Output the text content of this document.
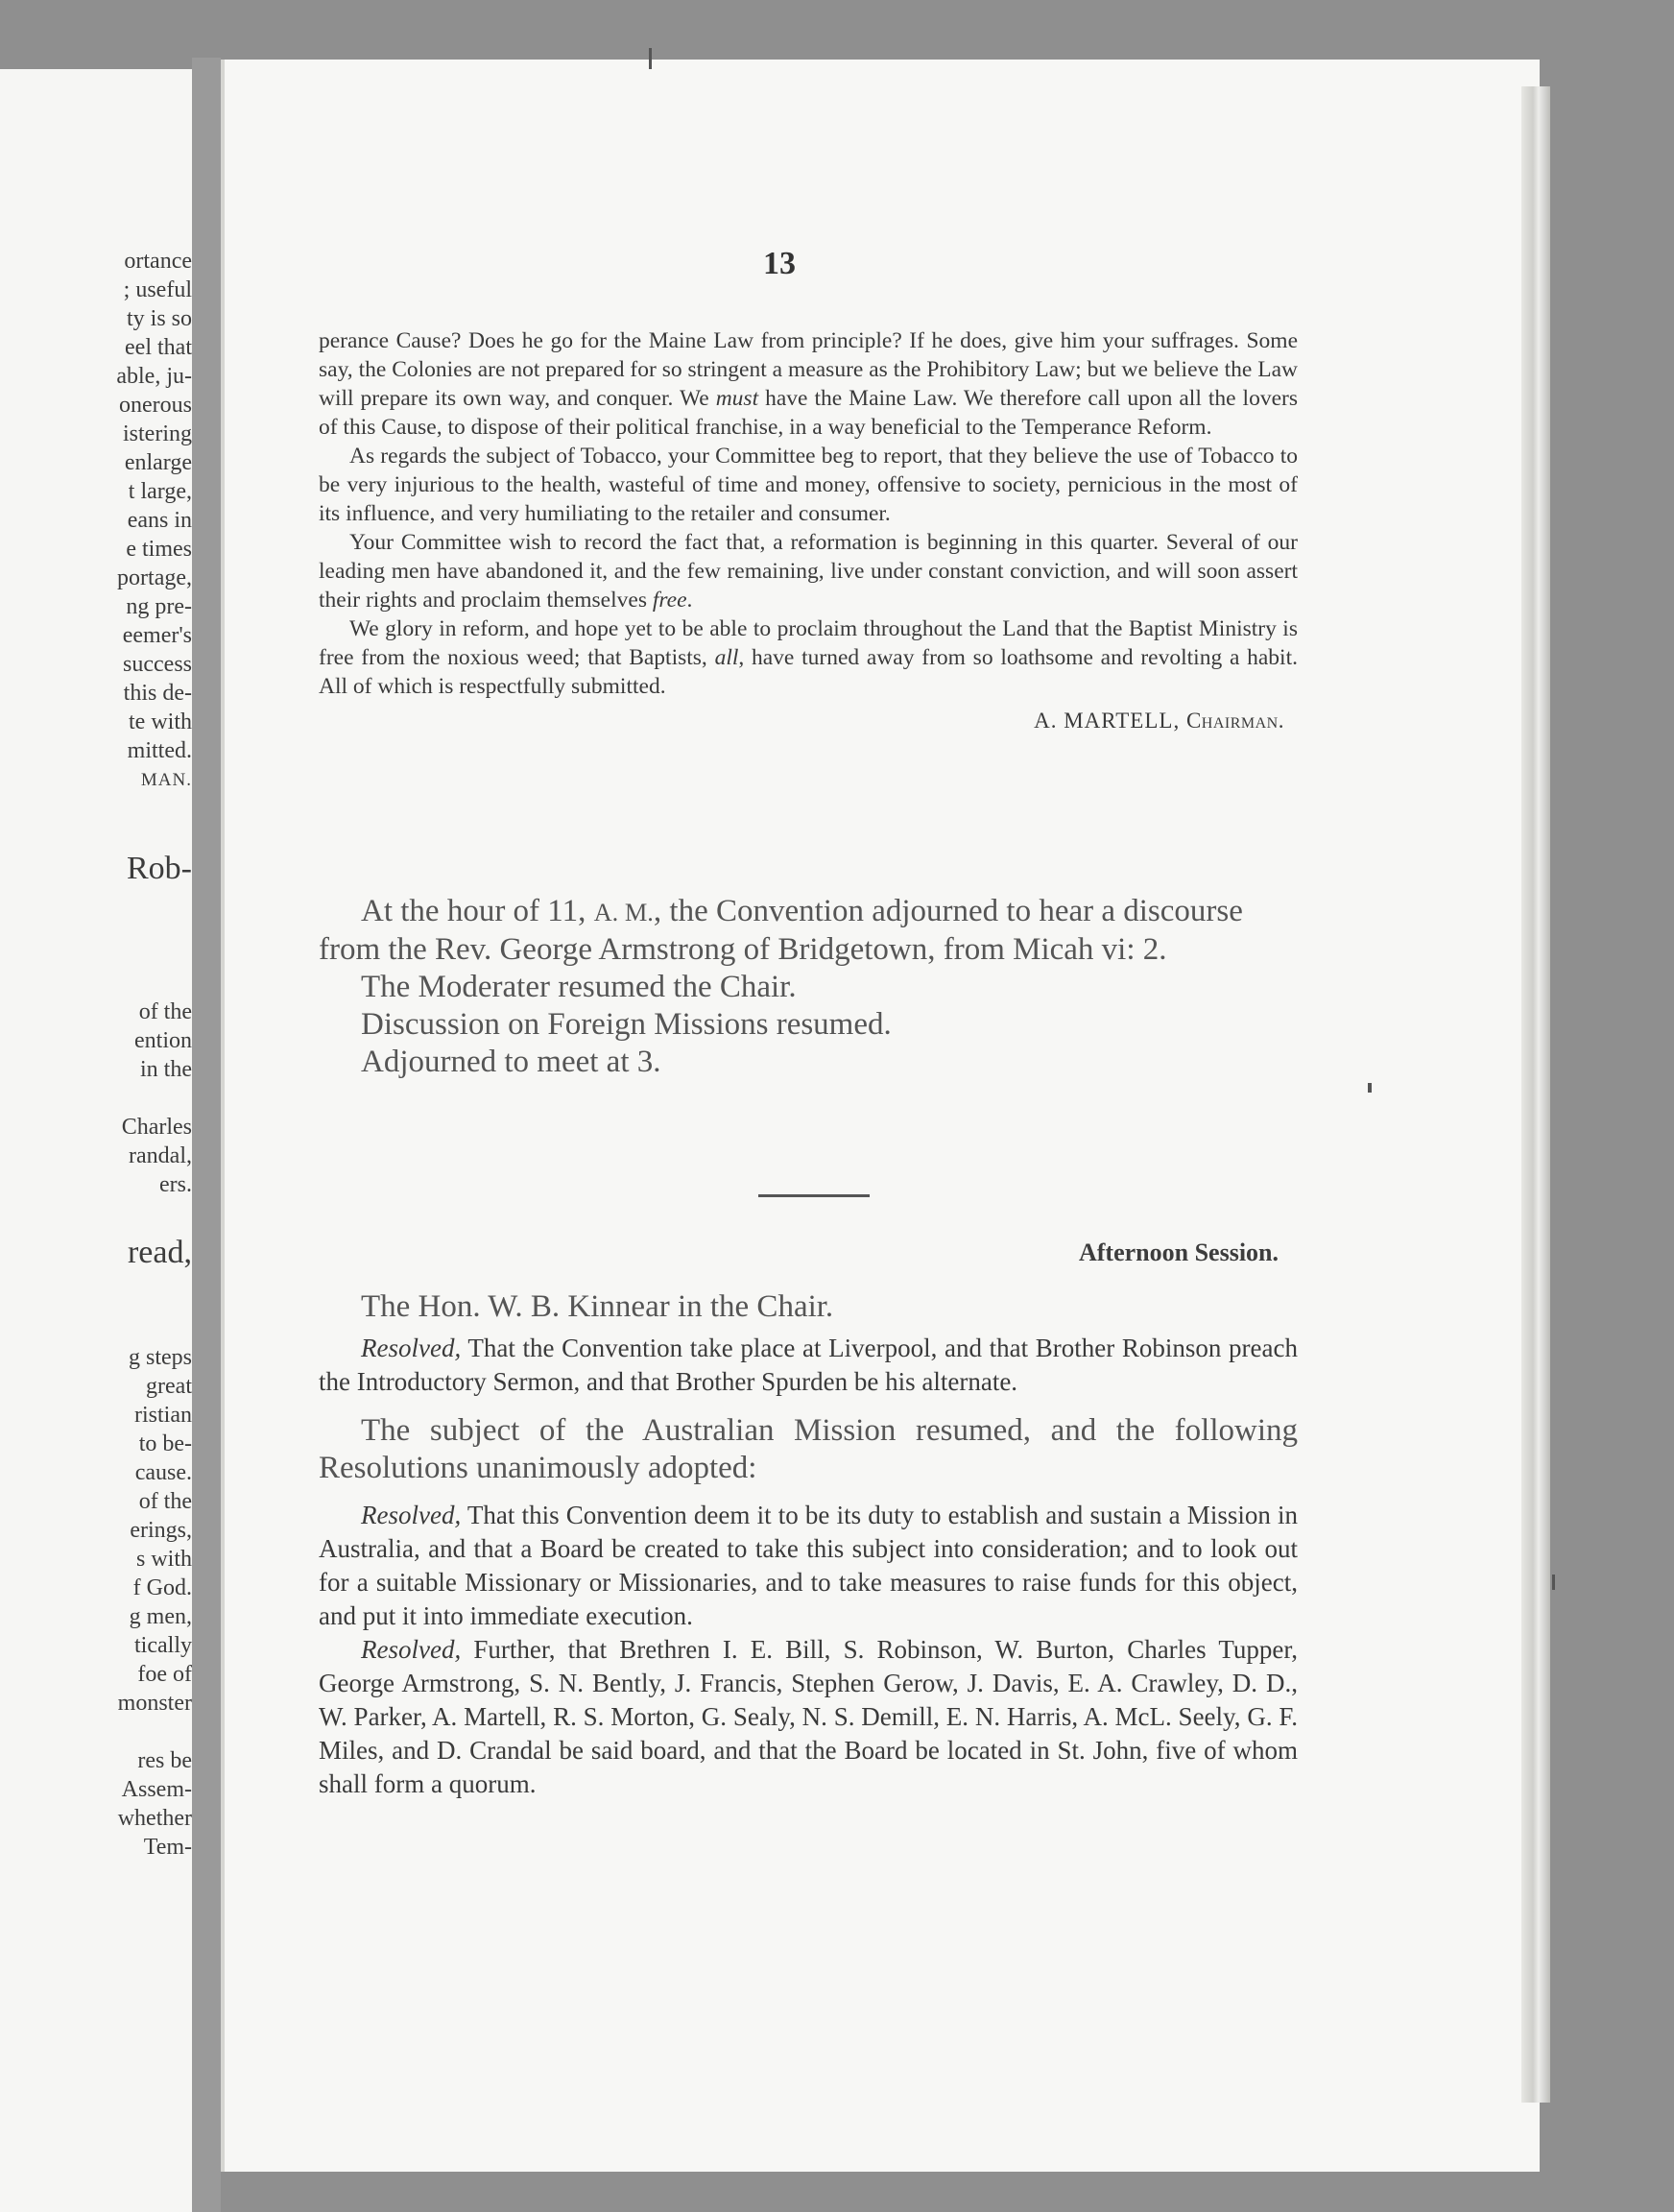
ortance
; useful
ty is so
eel that
able, ju-
onerous
istering
enlarge
t large,
eans in
e times
portage,
ng pre-
eemer's
success
this de-
te with
mitted.
MAN.
Rob-
of the
ention
in the
Charles
randal,
ers.
read,
g steps
great
ristian
to be-
cause.
of the
erings,
s with
f God.
g men,
tically
foe of
monster
res be
Assem-
whether
Tem-
13

perance Cause? Does he go for the Maine Law from principle? If he does, give him your suffrages. Some say, the Colonies are not prepared for so stringent a measure as the Prohibitory Law; but we believe the Law will prepare its own way, and conquer. We must have the Maine Law. We therefore call upon all the lovers of this Cause, to dispose of their political franchise, in a way beneficial to the Temperance Reform.

As regards the subject of Tobacco, your Committee beg to report, that they believe the use of Tobacco to be very injurious to the health, wasteful of time and money, offensive to society, pernicious in the most of its influence, and very humiliating to the retailer and consumer.

Your Committee wish to record the fact that, a reformation is beginning in this quarter. Several of our leading men have abandoned it, and the few remaining, live under constant conviction, and will soon assert their rights and proclaim themselves free.

We glory in reform, and hope yet to be able to proclaim throughout the Land that the Baptist Ministry is free from the noxious weed; that Baptists, all, have turned away from so loathsome and revolting a habit. All of which is respectfully submitted.

A. MARTELL, Chairman.

At the hour of 11, A. M., the Convention adjourned to hear a discourse from the Rev. George Armstrong of Bridgetown, from Micah vi: 2.

The Moderater resumed the Chair.

Discussion on Foreign Missions resumed.

Adjourned to meet at 3.

Afternoon Session.

The Hon. W. B. Kinnear in the Chair.

Resolved, That the Convention take place at Liverpool, and that Brother Robinson preach the Introductory Sermon, and that Brother Spurden be his alternate.

The subject of the Australian Mission resumed, and the following Resolutions unanimously adopted:

Resolved, That this Convention deem it to be its duty to establish and sustain a Mission in Australia, and that a Board be created to take this subject into consideration; and to look out for a suitable Missionary or Missionaries, and to take measures to raise funds for this object, and put it into immediate execution.

Resolved, Further, that Brethren I. E. Bill, S. Robinson, W. Burton, Charles Tupper, George Armstrong, S. N. Bently, J. Francis, Stephen Gerow, J. Davis, E. A. Crawley, D. D., W. Parker, A. Martell, R. S. Morton, G. Sealy, N. S. Demill, E. N. Harris, A. McL. Seely, G. F. Miles, and D. Crandal be said board, and that the Board be located in St. John, five of whom shall form a quorum.
